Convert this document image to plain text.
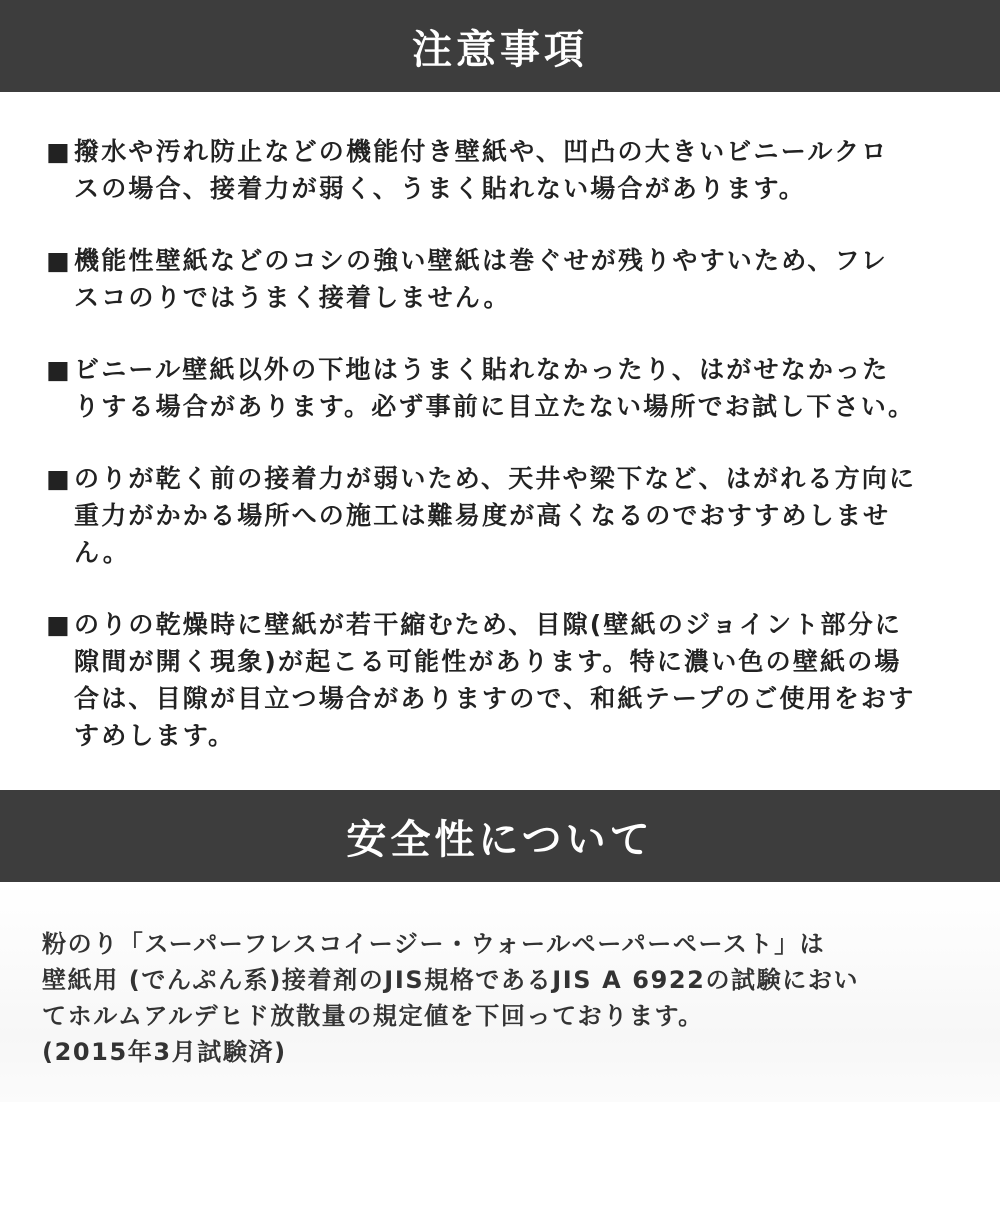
注意事項
■ 撥水や汚れ防止などの機能付き壁紙や、凹凸の大きいビニールクロ
スの場合、接着力が弱く、うまく貼れない場合があります。
■ 機能性壁紙などのコシの強い壁紙は巻ぐせが残りやすいため、フレ
スコのりではうまく接着しません。
■ ビニール壁紙以外の下地はうまく貼れなかったり、はがせなかった
りする場合があります。必ず事前に目立たない場所でお試し下さい。
■ のりが乾く前の接着力が弱いため、天井や梁下など、はがれる方向に
重力がかかる場所への施工は難易度が高くなるのでおすすめしませ
ん。
■ のりの乾燥時に壁紙が若干縮むため、目隙(壁紙のジョイント部分に
隙間が開く現象)が起こる可能性があります。特に濃い色の壁紙の場
合は、目隙が目立つ場合がありますので、和紙テープのご使用をおす
すめします。
安全性について
粉のり「スーパーフレスコイージー・ウォールペーパーペースト」は
壁紙用 (でんぷん系)接着剤のJIS規格であるJIS A 6922の試験におい
てホルムアルデヒド放散量の規定値を下回っております。
(2015年3月試験済)
